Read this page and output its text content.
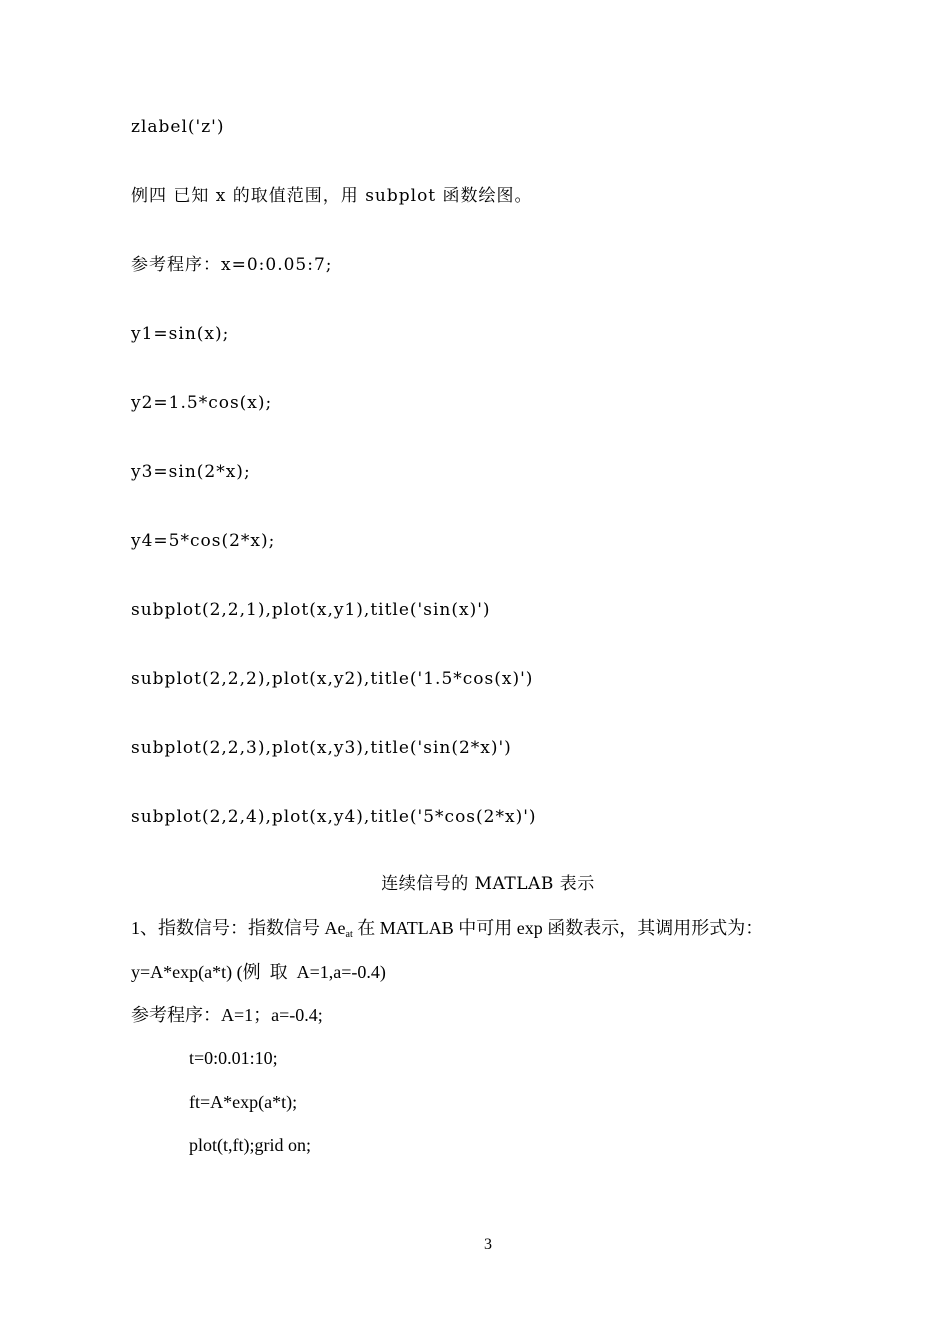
zlabel('z')
例四 已知 x 的取值范围，用 subplot 函数绘图。
参考程序：x=0:0.05:7;
y1=sin(x);
y2=1.5*cos(x);
y3=sin(2*x);
y4=5*cos(2*x);
subplot(2,2,1),plot(x,y1),title('sin(x)')
subplot(2,2,2),plot(x,y2),title('1.5*cos(x)')
subplot(2,2,3),plot(x,y3),title('sin(2*x)')
subplot(2,2,4),plot(x,y4),title('5*cos(2*x)')
连续信号的 MATLAB 表示
1、指数信号：指数信号 $Ae_{at}$ 在 MATLAB 中可用 exp 函数表示，其调用形式为：
y=A*exp(a*t) (例  取  A=1,a=-0.4)
参考程序：A=1；a=-0.4;
t=0:0.01:10;
ft=A*exp(a*t);
plot(t,ft);grid on;
3
